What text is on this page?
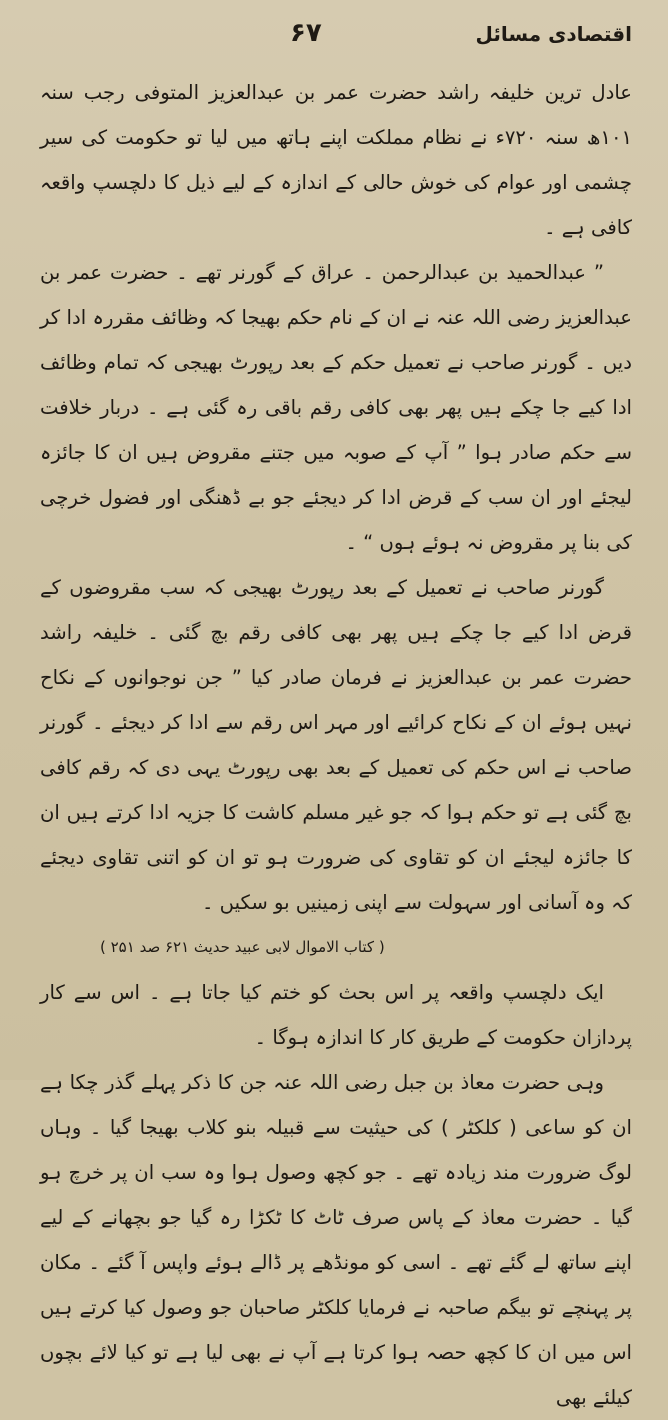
۶۷	اقتصادی مسائل

عادل ترین خلیفہ راشد حضرت عمر بن عبدالعزیز المتوفی رجب سنہ ۱۰۱ھ سنہ ۷۲۰ء نے نظام مملکت اپنے ہاتھ میں لیا تو حکومت کی سیر چشمی اور عوام کی خوش حالی کے اندازہ کے لیے ذیل کا دلچسپ واقعہ کافی ہے ۔

” عبدالحمید بن عبدالرحمن ۔ عراق کے گورنر تھے ۔ حضرت عمر بن عبدالعزیز رضی اللہ عنہ نے ان کے نام حکم بھیجا کہ وظائف مقررہ ادا کر دیں ۔ گورنر صاحب نے تعمیل حکم کے بعد رپورٹ بھیجی کہ تمام وظائف ادا کیے جا چکے ہیں پھر بھی کافی رقم باقی رہ گئی ہے ۔ دربار خلافت سے حکم صادر ہوا ” آپ کے صوبہ میں جتنے مقروض ہیں ان کا جائزہ لیجئے اور ان سب کے قرض ادا کر دیجئے جو بے ڈھنگی اور فضول خرچی کی بنا پر مقروض نہ ہوئے ہوں “ ۔

گورنر صاحب نے تعمیل کے بعد رپورٹ بھیجی کہ سب مقروضوں کے قرض ادا کیے جا چکے ہیں پھر بھی کافی رقم بچ گئی ۔ خلیفہ راشد حضرت عمر بن عبدالعزیز نے فرمان صادر کیا ” جن نوجوانوں کے نکاح نہیں ہوئے ان کے نکاح کرائیے اور مہر اس رقم سے ادا کر دیجئے ۔ گورنر صاحب نے اس حکم کی تعمیل کے بعد بھی رپورٹ یہی دی کہ رقم کافی بچ گئی ہے تو حکم ہوا کہ جو غیر مسلم کاشت کا جزیہ ادا کرتے ہیں ان کا جائزہ لیجئے ان کو تقاوی کی ضرورت ہو تو ان کو اتنی تقاوی دیجئے کہ وہ آسانی اور سہولت سے اپنی زمینیں بو سکیں ۔

( کتاب الاموال لابی عبید حدیث ۶۲۱ صد ۲۵۱ )

ایک دلچسپ واقعہ پر اس بحث کو ختم کیا جاتا ہے ۔ اس سے کار پردازان حکومت کے طریق کار کا اندازہ ہوگا ۔

وہی حضرت معاذ بن جبل رضی اللہ عنہ جن کا ذکر پہلے گذر چکا ہے ان کو ساعی ( کلکٹر ) کی حیثیت سے قبیلہ بنو کلاب بھیجا گیا ۔ وہاں لوگ ضرورت مند زیادہ تھے ۔ جو کچھ وصول ہوا وہ سب ان پر خرچ ہو گیا ۔ حضرت معاذ کے پاس صرف ٹاٹ کا ٹکڑا رہ گیا جو بچھانے کے لیے اپنے ساتھ لے گئے تھے ۔ اسی کو مونڈھے پر ڈالے ہوئے واپس آ گئے ۔ مکان پر پہنچے تو بیگم صاحبہ نے فرمایا کلکٹر صاحبان جو وصول کیا کرتے ہیں اس میں ان کا کچھ حصہ ہوا کرتا ہے آپ نے بھی لیا ہے تو کیا لائے بچوں کیلئے بھی
